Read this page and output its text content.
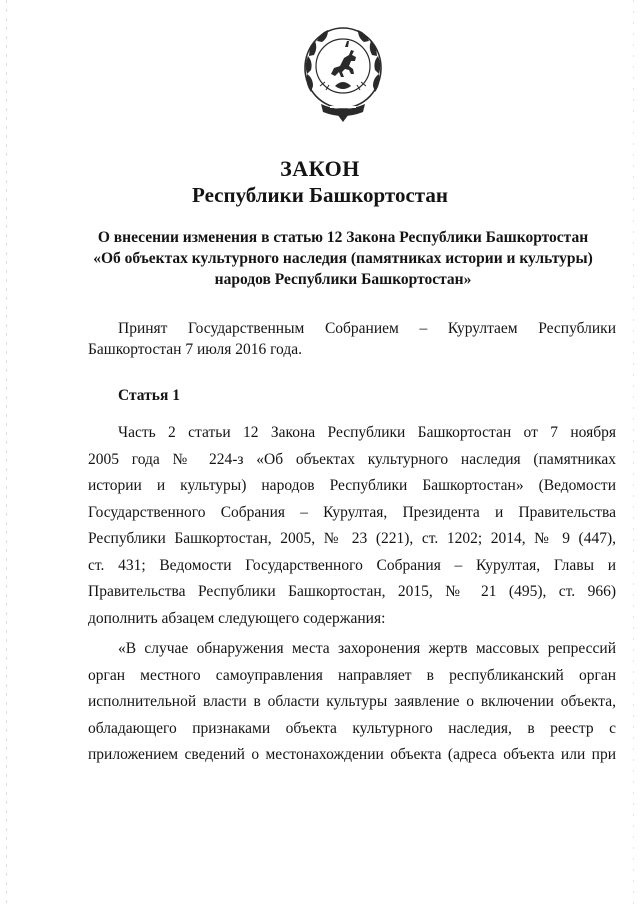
ЗАКОН
Республики Башкортостан
О внесении изменения в статью 12 Закона Республики Башкортостан
«Об объектах культурного наследия (памятниках истории и культуры)
народов Республики Башкортостан»
Принят Государственным Собранием – Курултаем Республики Башкортостан 7 июля 2016 года.
Статья 1
Часть 2 статьи 12 Закона Республики Башкортостан от 7 ноября
2005 года № 224-з «Об объектах культурного наследия (памятниках
истории и культуры) народов Республики Башкортостан» (Ведомости
Государственного Собрания – Курултая, Президента и Правительства
Республики Башкортостан, 2005, № 23 (221), ст. 1202; 2014, № 9 (447),
ст. 431; Ведомости Государственного Собрания – Курултая, Главы и
Правительства Республики Башкортостан, 2015, № 21 (495), ст. 966)
дополнить абзацем следующего содержания:
«В случае обнаружения места захоронения жертв массовых репрессий
орган местного самоуправления направляет в республиканский орган
исполнительной власти в области культуры заявление о включении объекта,
обладающего признаками объекта культурного наследия, в реестр с
приложением сведений о местонахождении объекта (адреса объекта или при
